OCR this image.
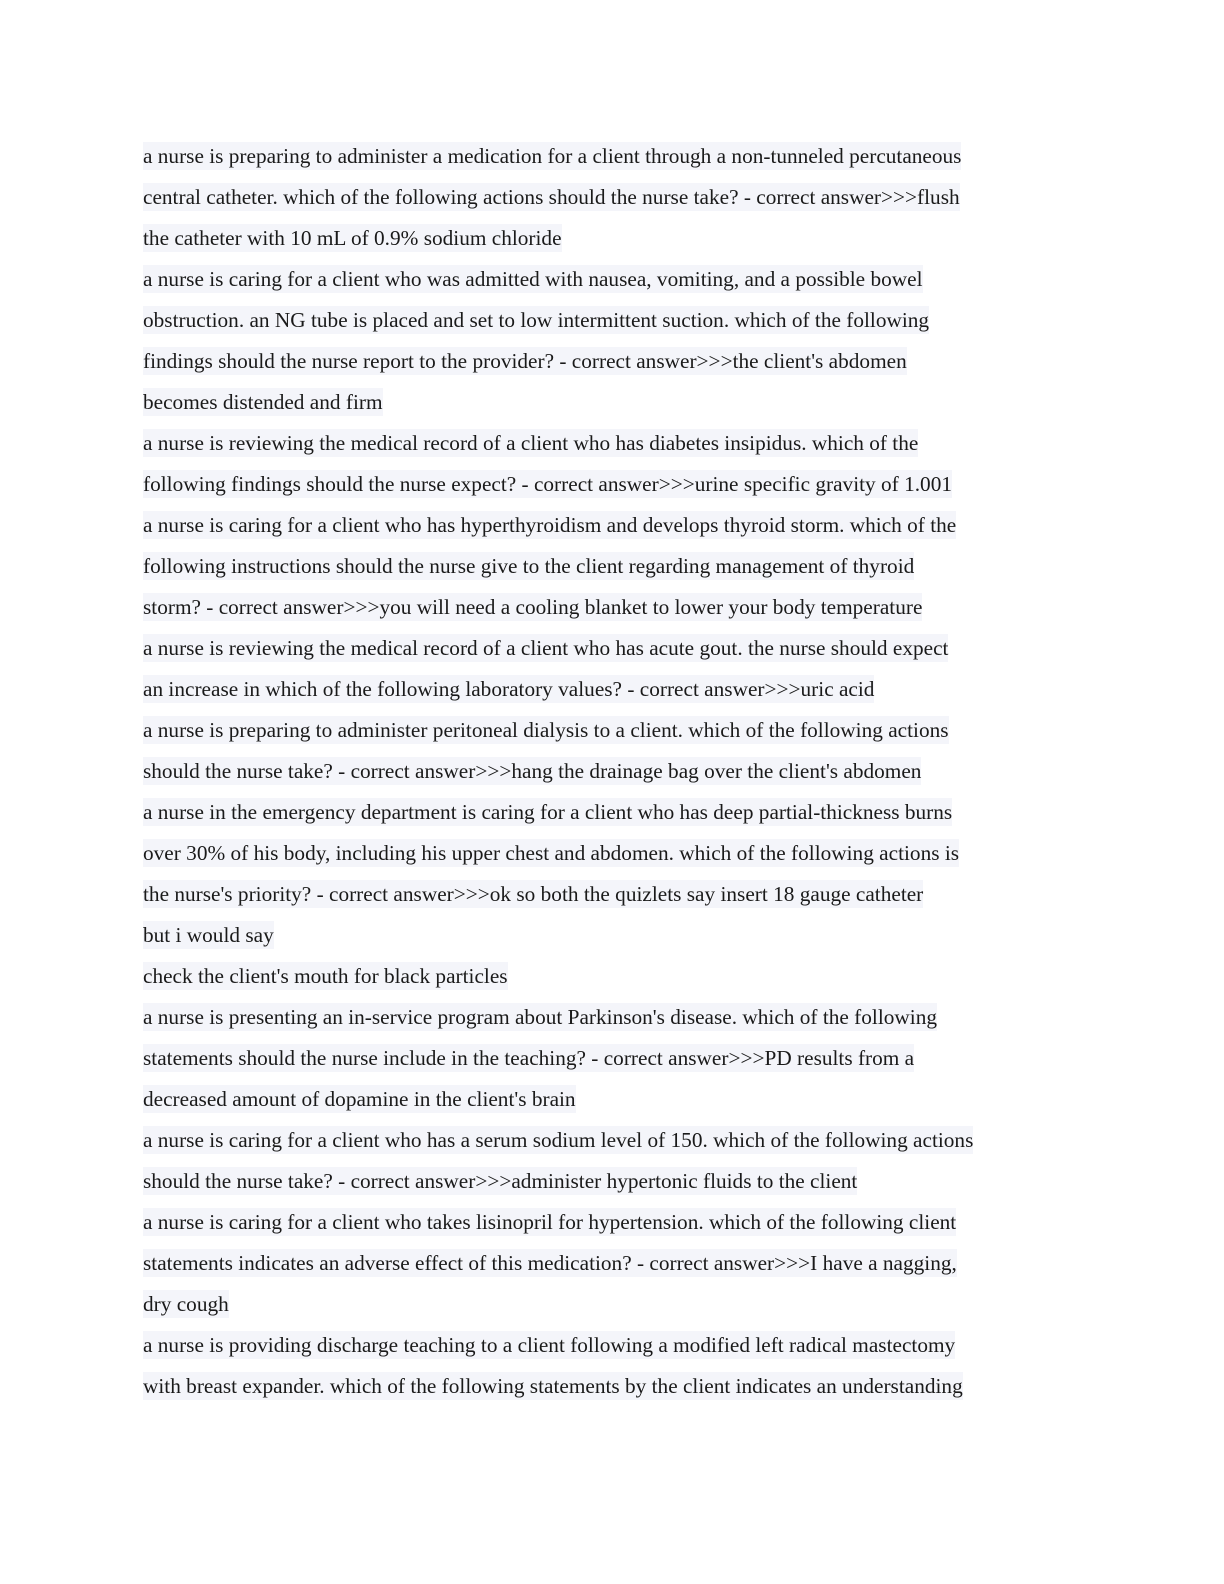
a nurse is preparing to administer a medication for a client through a non-tunneled percutaneous
central catheter. which of the following actions should the nurse take? - correct answer>>>flush
the catheter with 10 mL of 0.9% sodium chloride
a nurse is caring for a client who was admitted with nausea, vomiting, and a possible bowel
obstruction. an NG tube is placed and set to low intermittent suction. which of the following
findings should the nurse report to the provider? - correct answer>>>the client's abdomen
becomes distended and firm
a nurse is reviewing the medical record of a client who has diabetes insipidus. which of the
following findings should the nurse expect? - correct answer>>>urine specific gravity of 1.001
a nurse is caring for a client who has hyperthyroidism and develops thyroid storm. which of the
following instructions should the nurse give to the client regarding management of thyroid
storm? - correct answer>>>you will need a cooling blanket to lower your body temperature
a nurse is reviewing the medical record of a client who has acute gout. the nurse should expect
an increase in which of the following laboratory values? - correct answer>>>uric acid
a nurse is preparing to administer peritoneal dialysis to a client. which of the following actions
should the nurse take? - correct answer>>>hang the drainage bag over the client's abdomen
a nurse in the emergency department is caring for a client who has deep partial-thickness burns
over 30% of his body, including his upper chest and abdomen. which of the following actions is
the nurse's priority? - correct answer>>>ok so both the quizlets say insert 18 gauge catheter
but i would say
check the client's mouth for black particles
a nurse is presenting an in-service program about Parkinson's disease. which of the following
statements should the nurse include in the teaching? - correct answer>>>PD results from a
decreased amount of dopamine in the client's brain
a nurse is caring for a client who has a serum sodium level of 150. which of the following actions
should the nurse take? - correct answer>>>administer hypertonic fluids to the client
a nurse is caring for a client who takes lisinopril for hypertension. which of the following client
statements indicates an adverse effect of this medication? - correct answer>>>I have a nagging,
dry cough
a nurse is providing discharge teaching to a client following a modified left radical mastectomy
with breast expander. which of the following statements by the client indicates an understanding
